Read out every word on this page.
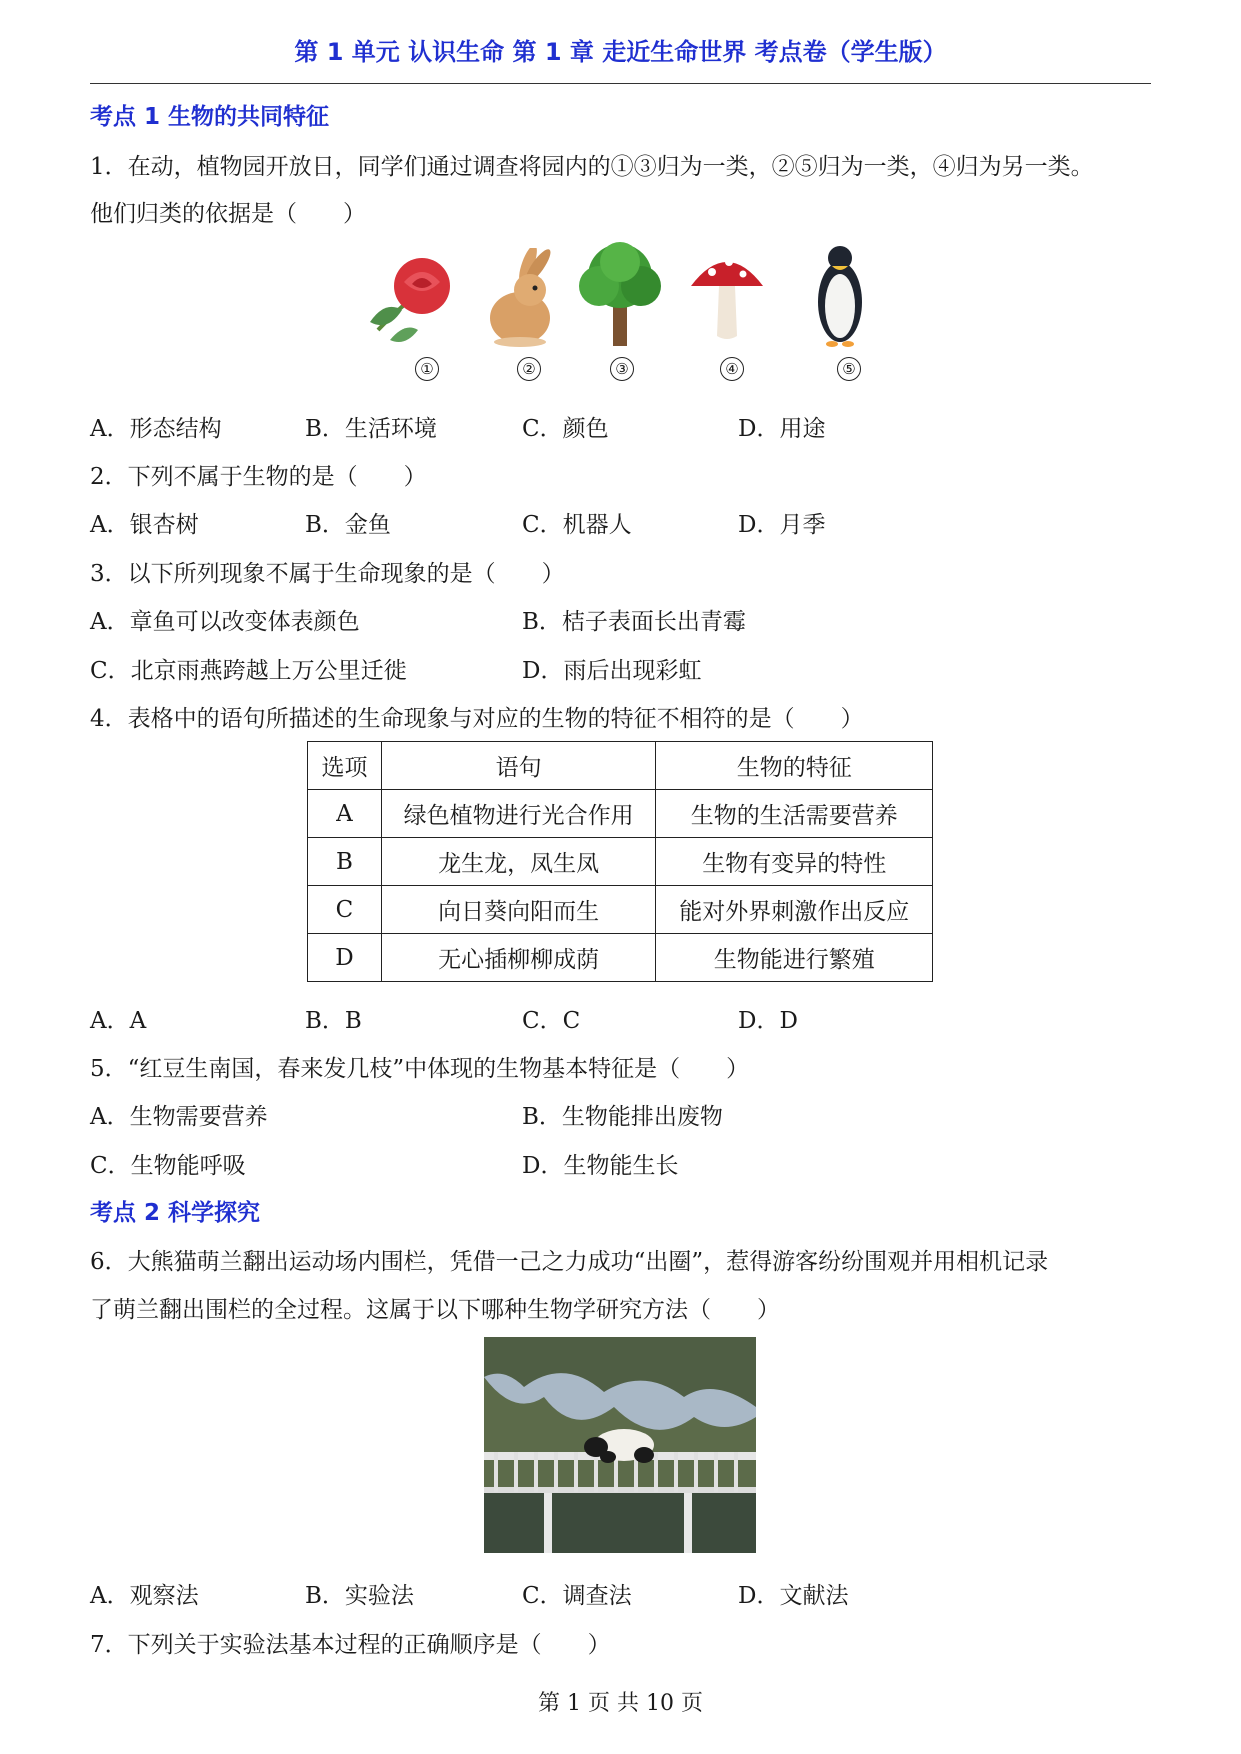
第 1 单元 认识生命 第 1 章 走近生命世界 考点卷（学生版）
考点 1 生物的共同特征
1．在动，植物园开放日，同学们通过调查将园内的①③归为一类，②⑤归为一类，④归为另一类。
他们归类的依据是（　　）
①	②	③	④	⑤
A．形态结构	B．生活环境	C．颜色	D．用途
2．下列不属于生物的是（　　）
A．银杏树	B．金鱼	C．机器人	D．月季
3．以下所列现象不属于生命现象的是（　　）
A．章鱼可以改变体表颜色	B．桔子表面长出青霉
C．北京雨燕跨越上万公里迁徙	D．雨后出现彩虹
4．表格中的语句所描述的生命现象与对应的生物的特征不相符的是（　　）
选项	语句	生物的特征
A	绿色植物进行光合作用	生物的生活需要营养
B	龙生龙，凤生凤	生物有变异的特性
C	向日葵向阳而生	能对外界刺激作出反应
D	无心插柳柳成荫	生物能进行繁殖
A．A	B．B	C．C	D．D
5．“红豆生南国，春来发几枝”中体现的生物基本特征是（　　）
A．生物需要营养	B．生物能排出废物
C．生物能呼吸	D．生物能生长
考点 2 科学探究
6．大熊猫萌兰翻出运动场内围栏，凭借一己之力成功“出圈”，惹得游客纷纷围观并用相机记录
了萌兰翻出围栏的全过程。这属于以下哪种生物学研究方法（　　）
A．观察法	B．实验法	C．调查法	D．文献法
7．下列关于实验法基本过程的正确顺序是（　　）
第 1 页 共 10 页
